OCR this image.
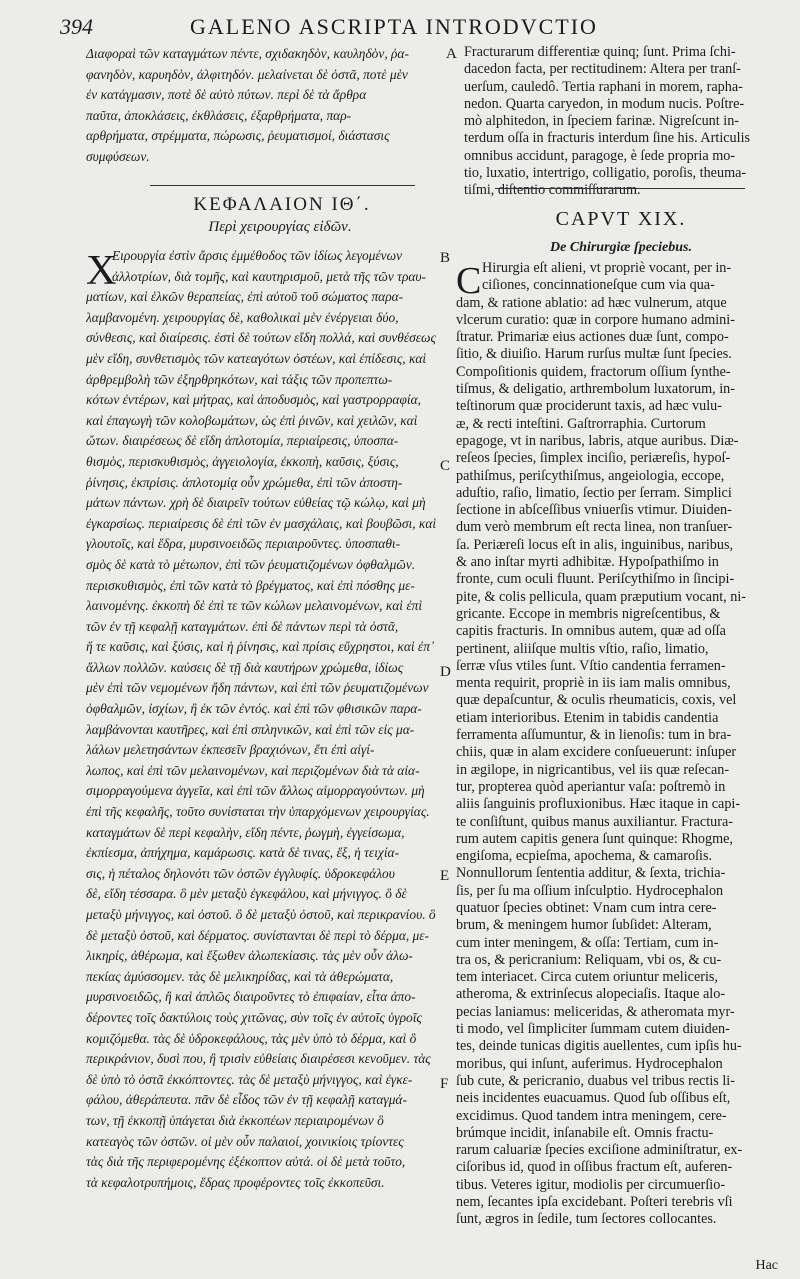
394	GALENO ASCRIPTA INTRODVCTIO
Διαφοραὶ τῶν καταγμάτων πέντε, σχιδακηδὸν, καυληδὸν, ῥα-
φανηδὸν, καρυηδὸν, ἀλφιτηδόν. μελαίνεται δὲ ὀστᾶ, ποτὲ μὲν
ἐν κατάγμασιν, ποτὲ δὲ αὐτὸ πύτων. περὶ δὲ τὰ ἄρθρα
παῦτα, ἀποκλάσεις, ἐκθλάσεις, ἐξαρθρήματα, παρ-
αρθρήματα, στρέμματα, πώρωσις, ῥευματισμοί, διάστασις
συμφύσεων.
Fracturarum differentiæ quinq; ſunt. Prima ſchi-
dacedon facta, per rectitudinem: Altera per tranſ-
uerſum, cauledô. Tertia raphani in morem, rapha-
nedon. Quarta caryedon, in modum nucis. Poſtre-
mò alphitedon, in ſpeciem farinæ. Nigreſcunt in-
terdum oſſa in fracturis interdum ſine his. Articulis
omnibus accidunt, paragoge, è ſede propria mo-
tio, luxatio, intertrigo, colligatio, poroſis, theuma-
tiſmi, diſtentio commiſſurarum.
ΚΕΦΑΛΑΙΟΝ ΙΘ΄.
Περὶ χειρουργίας εἰδῶν.	CAPVT XIX.
De Chirurgiæ ſpeciebus.
Χ	C
Ειρουργία ἐστὶν ἄρσις ἐμμέθοδος τῶν ἰδίως λεγομένων
ἀλλοτρίων, διὰ τομῆς, καὶ καυτηρισμοῦ, μετὰ τῆς τῶν τραυ-
ματίων, καὶ ἑλκῶν θεραπείας, ἐπὶ αὐτοῦ τοῦ σώματος παρα-
λαμβανομένη. χειρουργίας δὲ, καθολικαὶ μὲν ἐνέργειαι δύο,
σύνθεσις, καὶ διαίρεσις. ἐστὶ δὲ τούτων εἴδη πολλά, καὶ συνθέσεως
μὲν εἴδη, συνθετισμὸς τῶν κατεαγότων ὀστέων, καὶ ἐπίδεσις, καὶ
ἀρθρεμβολὴ τῶν ἐξηρθρηκότων, καὶ τάξις τῶν προπεπτω-
κότων ἐντέρων, καὶ μήτρας, καὶ ἀποδυσμὸς, καὶ γαστρορραφία,
καὶ ἐπαγωγὴ τῶν κολοβωμάτων, ὡς ἐπὶ ῥινῶν, καὶ χειλῶν, καὶ
ὤτων. διαιρέσεως δὲ εἴδη ἁπλοτομία, περιαίρεσις, ὑποσπα-
θισμὸς, περισκυθισμὸς, ἀγγειολογία, ἐκκοπὴ, καῦσις, ξύσις,
ῥίνησις, ἐκπρίσις. ἁπλοτομίᾳ οὖν χρώμεθα, ἐπὶ τῶν ἀποστη-
μάτων πάντων. χρὴ δὲ διαιρεῖν τούτων εὐθείας τῷ κώλῳ, καὶ μὴ
ἐγκαρσίως. περιαίρεσις δὲ ἐπὶ τῶν ἐν μασχάλαις, καὶ βουβῶσι, καὶ
γλουτοῖς, καὶ ἕδρα, μυρσινοειδῶς περιαιροῦντες. ὑποσπαθι-
σμὸς δὲ κατὰ τὸ μέτωπον, ἐπὶ τῶν ῥευματιζομένων ὀφθαλμῶν.
περισκυθισμὸς, ἐπὶ τῶν κατὰ τὸ βρέγματος, καὶ ἐπὶ πόσθης με-
λαινομένης. ἐκκοπὴ δὲ ἐπὶ τε τῶν κώλων μελαινομένων, καὶ ἐπὶ
τῶν ἐν τῇ κεφαλῇ καταγμάτων. ἐπὶ δὲ πάντων περὶ τὰ ὀστᾶ,
ἥ τε καῦσις, καὶ ξύσις, καὶ ἡ ῥίνησις, καὶ πρίσις εὔχρηστοι, καὶ ἐπ᾽
ἄλλων πολλῶν. καύσεις δὲ τῇ διὰ καυτήρων χρώμεθα, ἰδίως
μὲν ἐπὶ τῶν νεμομένων ἤδη πάντων, καὶ ἐπὶ τῶν ῥευματιζομένων
ὀφθαλμῶν, ἰσχίων, ἢ ἐκ τῶν ἐντός. καὶ ἐπὶ τῶν φθισικῶν παρα-
λαμβάνονται καυτῆρες, καὶ ἐπὶ σπληνικῶν, καὶ ἐπὶ τῶν εἰς μα-
λάλων μελετησάντων ἐκπεσεῖν βραχιόνων, ἔτι ἐπὶ αἰγί-
λωπος, καὶ ἐπὶ τῶν μελαινομένων, καὶ περιζομένων διὰ τὰ αἰα-
σιμορραγούμενα ἀγγεῖα, καὶ ἐπὶ τῶν ἄλλως αἱμορραγούντων. μὴ
ἐπὶ τῆς κεφαλῆς, τοῦτο συνίσταται τὴν ὑπαρχόμενων χειρουργίας.
καταγμάτων δὲ περὶ κεφαλὴν, εἴδη πέντε, ῥωγμὴ, ἐγγείσωμα,
ἐκπίεσμα, ἀπήχημα, καμάρωσις. κατὰ δὲ τινας, ἕξ, ἡ τειχία-
σις, ἡ πέταλος δηλονότι τῶν ὀστῶν ἐγγλυφίς. ὑδροκεφάλου
δὲ, εἴδη τέσσαρα. ὃ μὲν μεταξὺ ἐγκεφάλου, καὶ μήνιγγος. ὃ δὲ
μεταξὺ μήνιγγος, καὶ ὀστοῦ. ὃ δὲ μεταξὺ ὀστοῦ, καὶ περικρανίου. ὃ
δὲ μεταξὺ ὀστοῦ, καὶ δέρματος. συνίστανται δὲ περὶ τὸ δέρμα, με-
λικηρίς, ἀθέρωμα, καὶ ἔξωθεν ἀλωπεκίασις. τὰς μὲν οὖν ἀλω-
πεκίας ἀμύσσομεν. τὰς δὲ μελικηρίδας, καὶ τὰ ἀθερώματα,
μυρσινοειδῶς, ἢ καὶ ἁπλῶς διαιροῦντες τὸ ἐπιφαίαν, εἶτα ἀπο-
δέροντες τοῖς δακτύλοις τοὺς χιτῶνας, σὺν τοῖς ἐν αὐτοῖς ὑγροῖς
κομιζόμεθα. τὰς δὲ ὑδροκεφάλους, τὰς μὲν ὑπὸ τὸ δέρμα, καὶ ὃ
περικράνιον, δυσὶ που, ἢ τρισὶν εὐθείαις διαιρέσεσι κενοῦμεν. τὰς
δὲ ὑπὸ τὸ ὀστᾶ ἐκκόπτοντες. τὰς δὲ μεταξὺ μήνιγγος, καὶ ἐγκε-
φάλου, ἀθεράπευτα. πᾶν δὲ εἶδος τῶν ἐν τῇ κεφαλῇ καταγμά-
των, τῇ ἐκκοπῇ ὑπάγεται διὰ ἐκκοπέων περιαιρομένων ὃ
κατεαγὸς τῶν ὀστῶν. οἱ μὲν οὖν παλαιοί, χοινικίοις τρίοντες
τὰς διὰ τῆς περιφερομένης ἐξέκοπτον αὐτά. οἱ δὲ μετὰ τοῦτο,
τὰ κεφαλοτρυπήμοις, ἕδρας προφέροντες τοῖς ἐκκοπεῦσι.
Hirurgia eſt alieni, vt propriè vocant, per in-
ciſiones, concinnationeſque cum via qua-
dam, & ratione ablatio: ad hæc vulnerum, atque
vlcerum curatio: quæ in corpore humano admini-
ſtratur. Primariæ eius actiones duæ ſunt, compo-
ſitio, & diuiſio. Harum rurſus multæ ſunt ſpecies.
Compoſitionis quidem, fractorum oſſium ſynthe-
tiſmus, & deligatio, arthrembolum luxatorum, in-
teſtinorum quæ prociderunt taxis, ad hæc vulu-
æ, & recti inteſtini. Gaſtrorraphia. Curtorum
epagoge, vt in naribus, labris, atque auribus. Diæ-
reſeos ſpecies, ſimplex inciſio, periæreſis, hypoſ-
pathiſmus, periſcythiſmus, angeiologia, eccope,
aduſtio, raſio, limatio, ſectio per ſerram. Simplici
ſectione in abſceſſibus vniuerſis vtimur. Diuiden-
dum verò membrum eſt recta linea, non tranſuer-
ſa. Periæreſi locus eſt in alis, inguinibus, naribus,
& ano inſtar myrti adhibitæ. Hypoſpathiſmo in
fronte, cum oculi fluunt. Periſcythiſmo in ſincipi-
pite, & colis pellicula, quam præputium vocant, ni-
gricante. Eccope in membris nigreſcentibus, &
capitis fracturis. In omnibus autem, quæ ad oſſa
pertinent, aliiſque multis vſtio, raſio, limatio,
ſerræ vſus vtiles ſunt. Vſtio candentia ferramen-
menta requirit, propriè in iis iam malis omnibus,
quæ depaſcuntur, & oculis rheumaticis, coxis, vel
etiam interioribus. Etenim in tabidis candentia
ferramenta aſſumuntur, & in lienoſis: tum in bra-
chiis, quæ in alam excidere conſueuerunt: inſuper
in ægilope, in nigricantibus, vel iis quæ reſecan-
tur, propterea quòd aperiantur vaſa: poſtremò in
aliis ſanguinis profluxionibus. Hæc itaque in capi-
te conſiſtunt, quibus manus auxiliantur. Fractura-
rum autem capitis genera ſunt quinque: Rhogme,
engiſoma, ecpieſma, apochema, & camaroſis.
Nonnullorum ſententia additur, & ſexta, trichia-
ſis, per ſu ma oſſium inſculptio. Hydrocephalon
quatuor ſpecies obtinet: Vnam cum intra cere-
brum, & meningem humor ſubſidet: Alteram,
cum inter meningem, & oſſa: Tertiam, cum in-
tra os, & pericranium: Reliquam, vbi os, & cu-
tem interiacet. Circa cutem oriuntur meliceris,
atheroma, & extrinſecus alopeciaſis. Itaque alo-
pecias laniamus: meliceridas, & atheromata myr-
ti modo, vel ſimpliciter ſummam cutem diuiden-
tes, deinde tunicas digitis auellentes, cum ipſis hu-
moribus, qui inſunt, auferimus. Hydrocephalon
ſub cute, & pericranio, duabus vel tribus rectis li-
neis incidentes euacuamus. Quod ſub oſſibus eſt,
excidimus. Quod tandem intra meningem, cere-
brúmque incidit, inſanabile eſt. Omnis fractu-
rarum caluariæ ſpecies exciſione adminiſtratur, ex-
ciſoribus id, quod in oſſibus fractum eſt, auferen-
tibus. Veteres igitur, modiolis per circumuerſio-
nem, ſecantes ipſa excidebant. Poſteri terebris vſi
ſunt, ægros in ſedile, tum ſectores collocantes.
A
B
C
D
E
F
Hac
